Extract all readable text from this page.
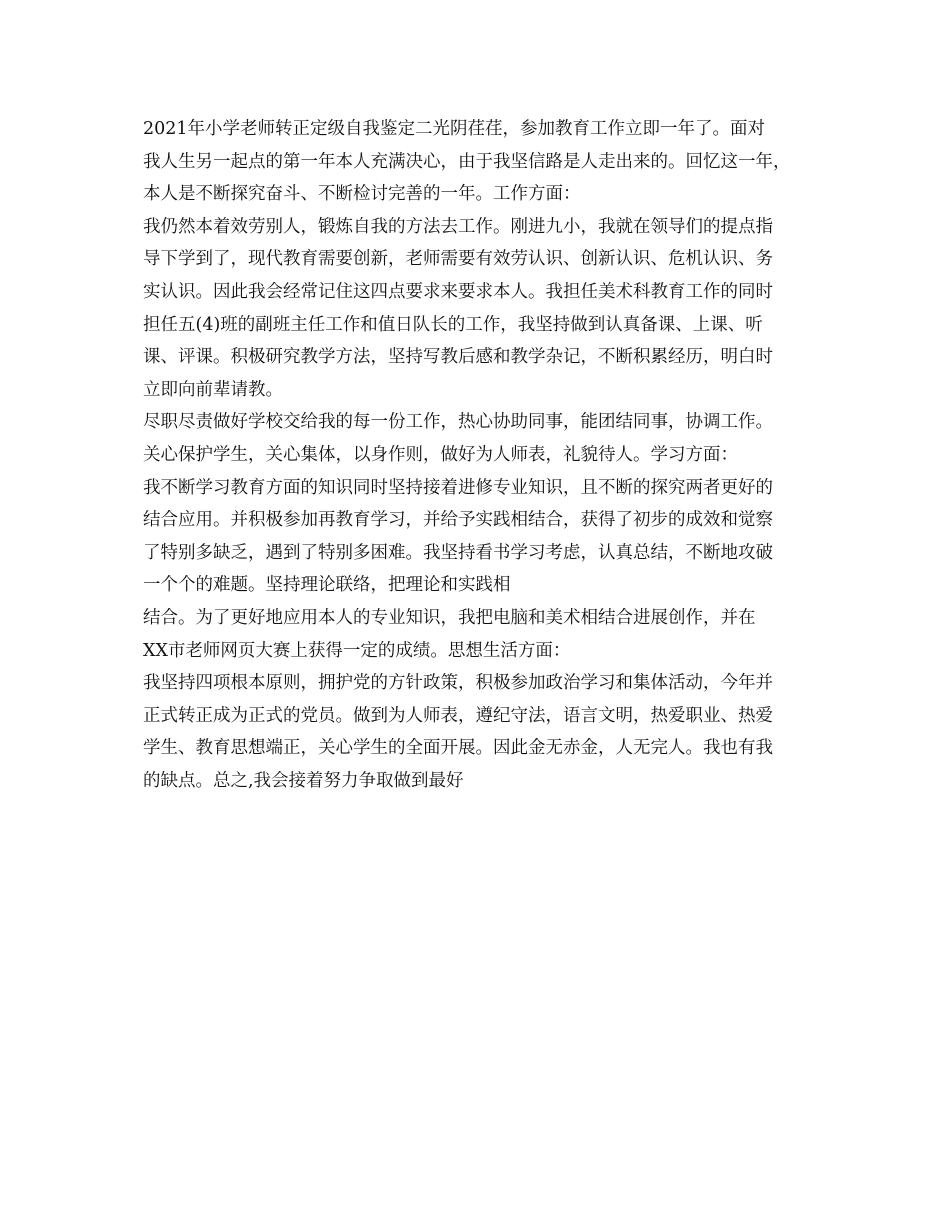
2021年小学老师转正定级自我鉴定二光阴荏荏，参加教育工作立即一年了。面对
我人生另一起点的第一年本人充满决心，由于我坚信路是人走出来的。回忆这一年，
本人是不断探究奋斗、不断检讨完善的一年。工作方面：
我仍然本着效劳别人，锻炼自我的方法去工作。刚进九小，我就在领导们的提点指
导下学到了，现代教育需要创新，老师需要有效劳认识、创新认识、危机认识、务
实认识。因此我会经常记住这四点要求来要求本人。我担任美术科教育工作的同时
担任五(4)班的副班主任工作和值日队长的工作，我坚持做到认真备课、上课、听
课、评课。积极研究教学方法，坚持写教后感和教学杂记，不断积累经历，明白时
立即向前辈请教。
尽职尽责做好学校交给我的每一份工作，热心协助同事，能团结同事，协调工作。
关心保护学生，关心集体，以身作则，做好为人师表，礼貌待人。学习方面：
我不断学习教育方面的知识同时坚持接着进修专业知识，且不断的探究两者更好的
结合应用。并积极参加再教育学习，并给予实践相结合，获得了初步的成效和觉察
了特别多缺乏，遇到了特别多困难。我坚持看书学习考虑，认真总结，不断地攻破
一个个的难题。坚持理论联络，把理论和实践相
结合。为了更好地应用本人的专业知识，我把电脑和美术相结合进展创作，并在
XX市老师网页大赛上获得一定的成绩。思想生活方面：
我坚持四项根本原则，拥护党的方针政策，积极参加政治学习和集体活动，今年并
正式转正成为正式的党员。做到为人师表，遵纪守法，语言文明，热爱职业、热爱
学生、教育思想端正，关心学生的全面开展。因此金无赤金，人无完人。我也有我
的缺点。总之,我会接着努力争取做到最好
